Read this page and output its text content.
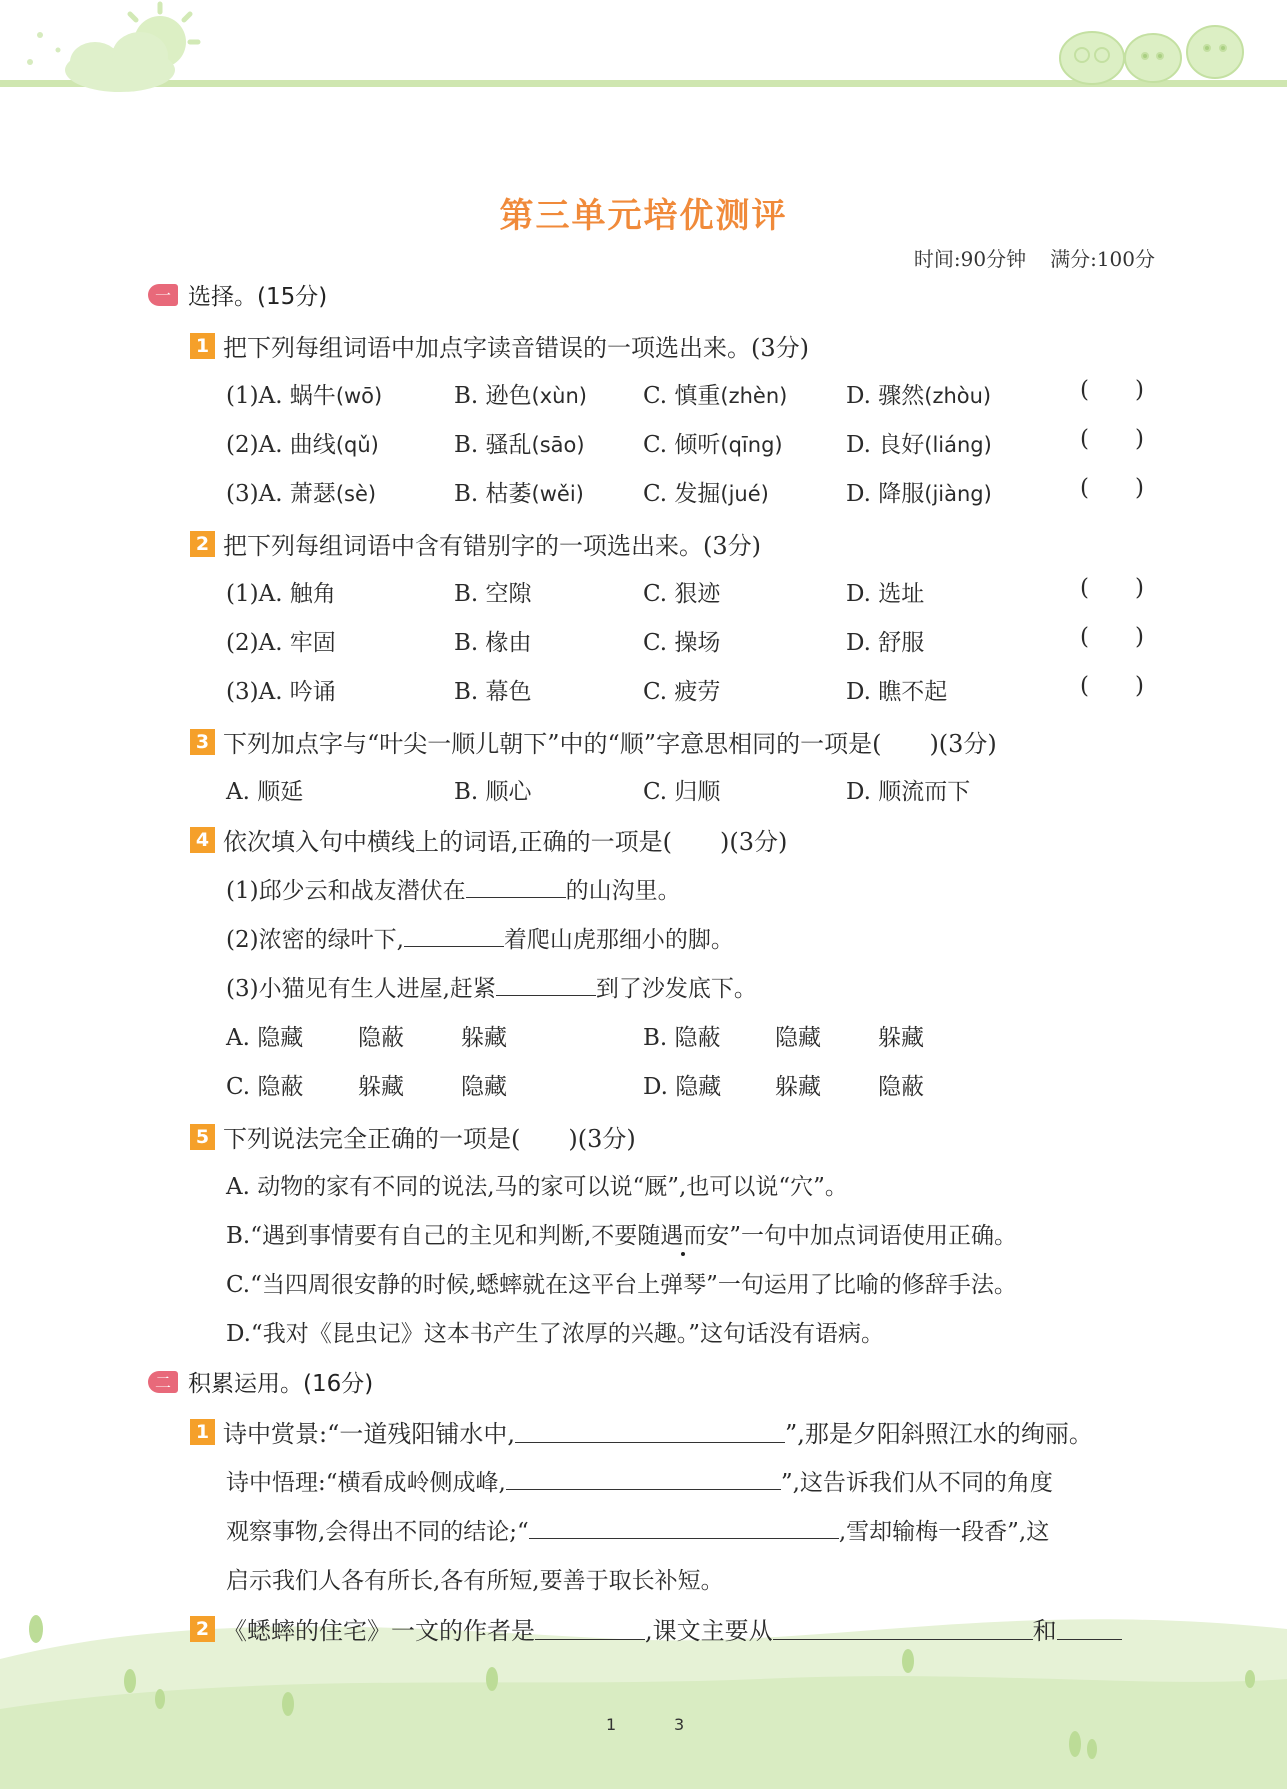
第三单元培优测评
时间:90分钟 满分:100分
一 选择。(15分)
1 把下列每组词语中加点字读音错误的一项选出来。(3分)
(1)A. 蜗牛(wō)	B. 逊色(xùn) C. 慎重(zhèn)	D. 骤然(zhòu)
( )
(2)A. 曲线(qǔ)	B. 骚乱(sāo)	C. 倾听(qīng)	D. 良好(liáng)
( )
(3)A. 萧瑟(sè)	B. 枯萎(wěi)	C. 发掘(jué)	D. 降服(jiàng)
( )
2 把下列每组词语中含有错别字的一项选出来。(3分)
(1)A. 触角	B. 空隙	C. 狠迹	D. 选址
( )
(2)A. 牢固	B. 椽由	C. 操场	D. 舒服
( )
(3)A. 吟诵	B. 幕色	C. 疲劳	D. 瞧不起
( )
3 下列加点字与“叶尖一顺儿朝下”中的“顺”字意思相同的一项是(　　)(3分)
A. 顺延	B. 顺心	C. 归顺	D. 顺流而下
4 依次填入句中横线上的词语,正确的一项是(　　)(3分)
(1)邱少云和战友潜伏在	的山沟里。
(2)浓密的绿叶下,	着爬山虎那细小的脚。
(3)小猫见有生人进屋,赶紧	到了沙发底下。
A. 隐藏 隐蔽 躲藏	B. 隐蔽 隐藏 躲藏
C. 隐蔽 躲藏 隐藏	D. 隐藏 躲藏 隐蔽
5 下列说法完全正确的一项是(　　)(3分)
A. 动物的家有不同的说法,马的家可以说“厩”,也可以说“穴”。
B.“遇到事情要有自己的主见和判断,不要随遇而安”一句中加点词语使用正确。
C.“当四周很安静的时候,蟋蟀就在这平台上弹琴”一句运用了比喻的修辞手法。
D.“我对《昆虫记》这本书产生了浓厚的兴趣。”这句话没有语病。
二 积累运用。(16分)
1 诗中赏景:“一道残阳铺水中,	”,那是夕阳斜照江水的绚丽。
诗中悟理:“横看成岭侧成峰,	”,这告诉我们从不同的角度
观察事物,会得出不同的结论;“	,雪却输梅一段香”,这
启示我们人各有所长,各有所短,要善于取长补短。
2 《蟋蟀的住宅》一文的作者是	,课文主要从	和
1	3
